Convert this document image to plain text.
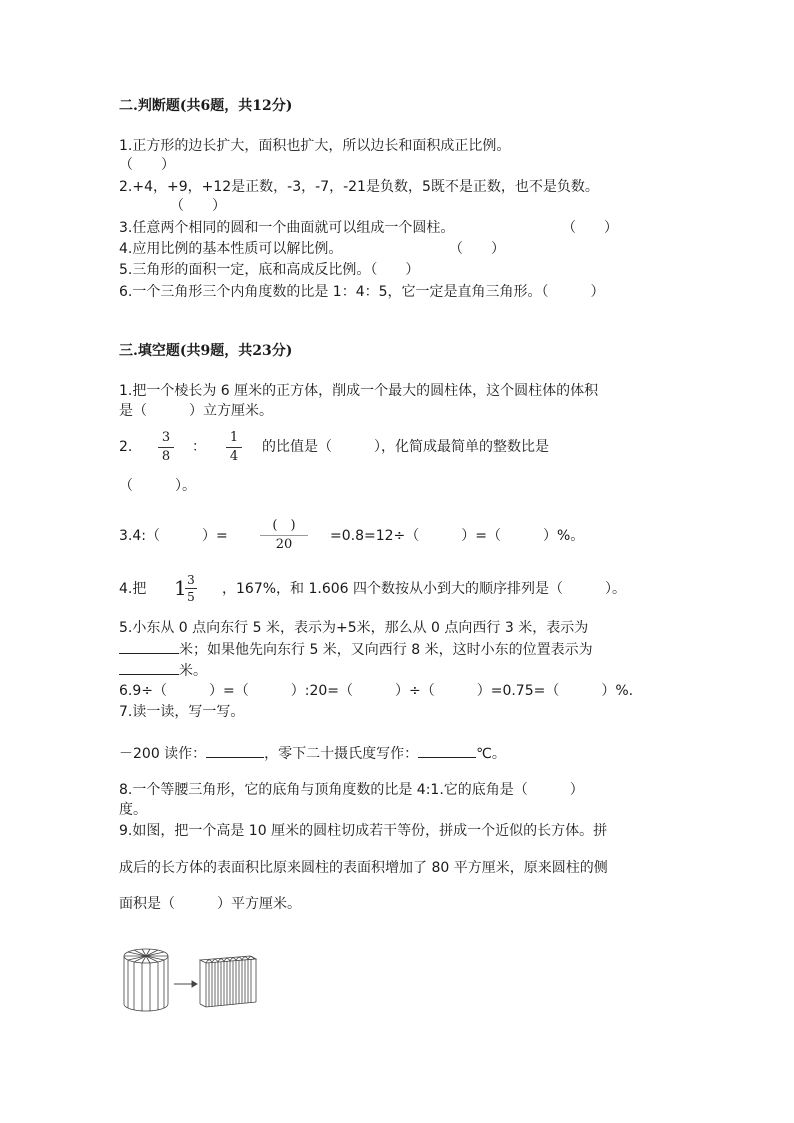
二.判断题(共6题，共12分)
1.正方形的边长扩大，面积也扩大，所以边长和面积成正比例。
（　　）
2.+4，+9，+12是正数，-3，-7，-21是负数，5既不是正数，也不是负数。
（　　）
3.任意两个相同的圆和一个曲面就可以组成一个圆柱。	（　　）
4.应用比例的基本性质可以解比例。	（　　）
5.三角形的面积一定，底和高成反比例。（　　）
6.一个三角形三个内角度数的比是 1：4：5，它一定是直角三角形。（　　　）
三.填空题(共9题，共23分)
1.把一个棱长为 6 厘米的正方体，削成一个最大的圆柱体，这个圆柱体的体积
是（　　　）立方厘米。
2.
3
8
：
1
4
的比值是（　　　），化简成最简单的整数比是
（　　　）。
3.4:（　　　）=
(　)
20
=0.8=12÷（　　　）=（　　　）%。
4.把 1 3
5 ，167%，和 1.606 四个数按从小到大的顺序排列是（　　　）。
5.小东从 0 点向东行 5 米，表示为+5米，那么从 0 点向西行 3 米，表示为
米；如果他先向东行 5 米，又向西行 8 米，这时小东的位置表示为
米。
6.9÷（　　　）=（　　　）:20=（　　　）÷（　　　）=0.75=（　　　）%.
7.读一读，写一写。
－200 读作：	，零下二十摄氏度写作：	℃。
8.一个等腰三角形，它的底角与顶角度数的比是 4:1.它的底角是（　　　）
度。
9.如图，把一个高是 10 厘米的圆柱切成若干等份，拼成一个近似的长方体。拼
成后的长方体的表面积比原来圆柱的表面积增加了 80 平方厘米，原来圆柱的侧
面积是（　　　）平方厘米。
